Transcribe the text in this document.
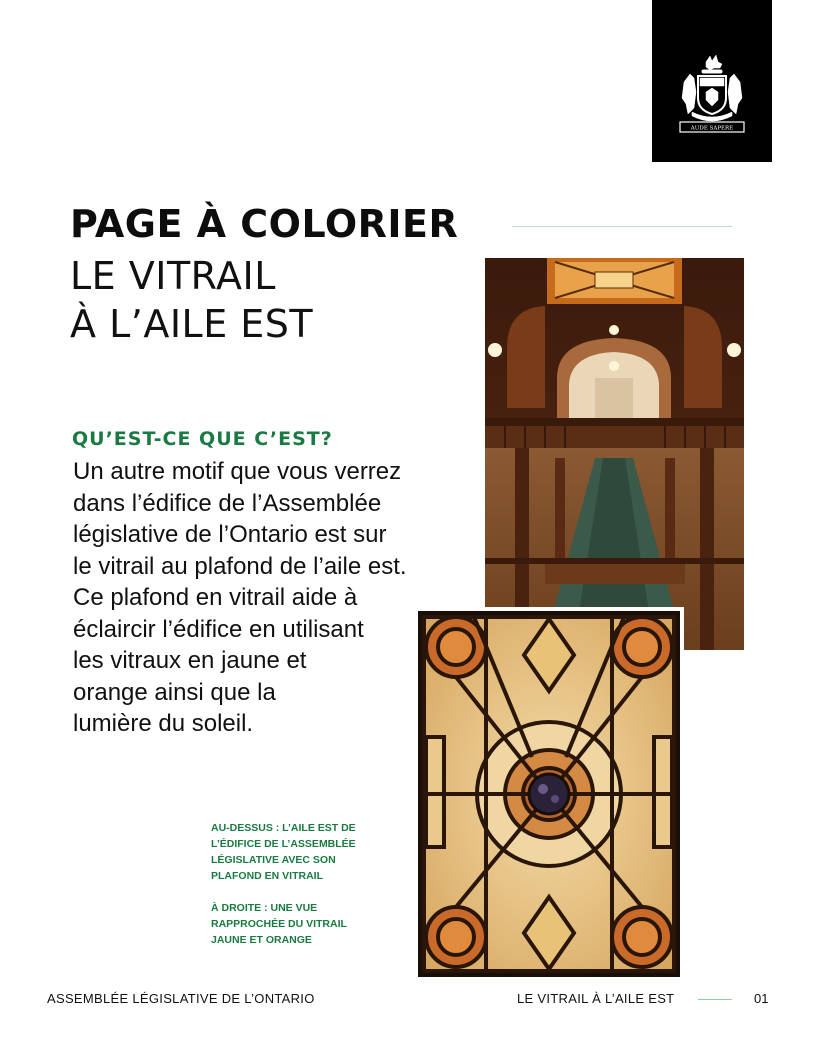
AUDE SAPERE
PAGE À COLORIER
LE VITRAIL
À L’AILE EST
QU’EST-CE QUE C’EST?
Un autre motif que vous verrez
dans l’édifice de l’Assemblée
législative de l’Ontario est sur
le vitrail au plafond de l’aile est.
Ce plafond en vitrail aide à
éclaircir l’édifice en utilisant
les vitraux en jaune et
orange ainsi que la
lumière du soleil.
AU-DESSUS : L’AILE EST DE
L’ÉDIFICE DE L’ASSEMBLÉE
LÉGISLATIVE AVEC SON
PLAFOND EN VITRAIL
À DROITE : UNE VUE
RAPPROCHÉE DU VITRAIL
JAUNE ET ORANGE
ASSEMBLÉE LÉGISLATIVE DE L’ONTARIO	LE VITRAIL À L’AILE EST	01
